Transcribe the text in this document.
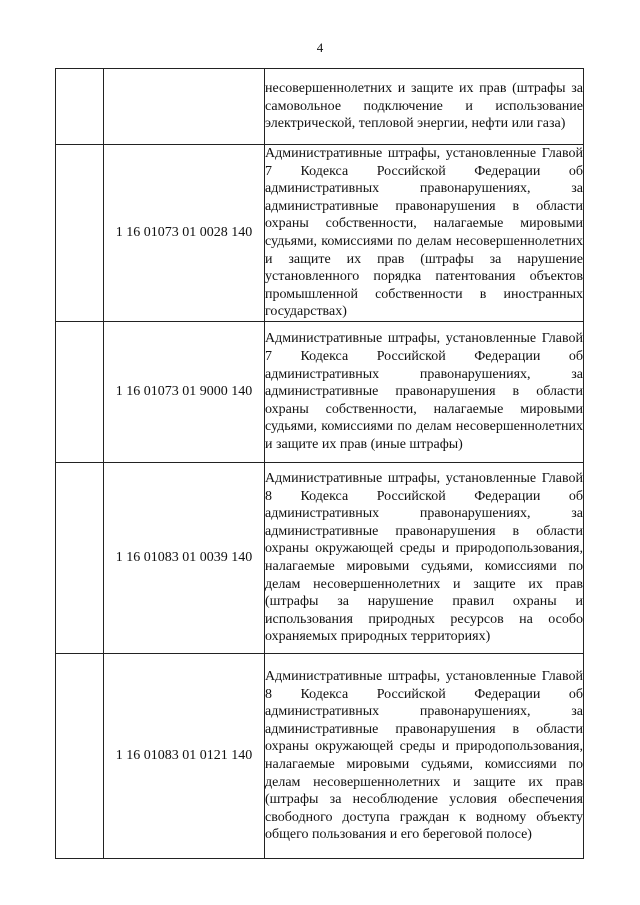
4
		несовершеннолетних и защите их прав (штрафы за самовольное подключение и использование электрической, тепловой энергии, нефти или газа)
	1 16 01073 01 0028 140	Административные штрафы, установленные Главой 7 Кодекса Российской Федерации об административных правонарушениях, за административные правонарушения в области охраны собственности, налагаемые мировыми судьями, комиссиями по делам несовершеннолетних и защите их прав (штрафы за нарушение установленного порядка патентования объектов промышленной собственности в иностранных государствах)
	1 16 01073 01 9000 140	Административные штрафы, установленные Главой 7 Кодекса Российской Федерации об административных правонарушениях, за административные правонарушения в области охраны собственности, налагаемые мировыми судьями, комиссиями по делам несовершеннолетних и защите их прав (иные штрафы)
	1 16 01083 01 0039 140	Административные штрафы, установленные Главой 8 Кодекса Российской Федерации об административных правонарушениях, за административные правонарушения в области охраны окружающей среды и природопользования, налагаемые мировыми судьями, комиссиями по делам несовершеннолетних и защите их прав (штрафы за нарушение правил охраны и использования природных ресурсов на особо охраняемых природных территориях)
	1 16 01083 01 0121 140	Административные штрафы, установленные Главой 8 Кодекса Российской Федерации об административных правонарушениях, за административные правонарушения в области охраны окружающей среды и природопользования, налагаемые мировыми судьями, комиссиями по делам несовершеннолетних и защите их прав (штрафы за несоблюдение условия обеспечения свободного доступа граждан к водному объекту общего пользования и его береговой полосе)
